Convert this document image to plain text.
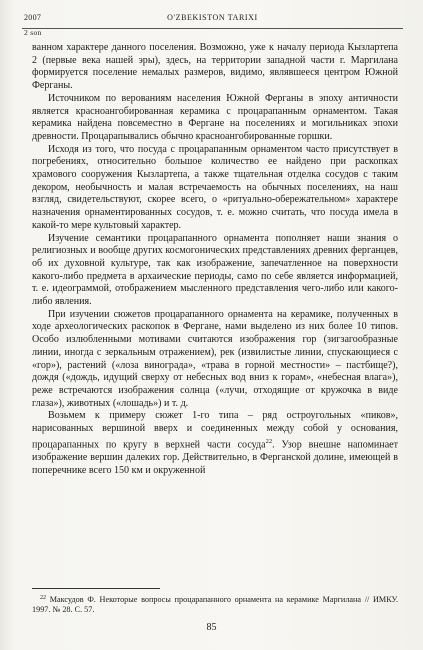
2007	O'ZBEKISTON TARIXI
2 son

ванном характере данного поселения. Возможно, уже к началу периода Кызлартепа 2 (первые века нашей эры), здесь, на территории западной части г. Маргилана формируется поселение немалых размеров, видимо, являвшееся центром Южной Ферганы.

Источником по верованиям населения Южной Ферганы в эпоху античности является красноангобированная керамика с процарапанным орнаментом. Такая керамика найдена повсеместно в Фергане на поселениях и могильниках эпохи древности. Процарапывались обычно красноангобированные горшки.

Исходя из того, что посуда с процарапанным орнаментом часто присутствует в погребениях, относительно большое количество ее найдено при раскопках храмового сооружения Кызлартепа, а также тщательная отделка сосудов с таким декором, необычность и малая встречаемость на обычных поселениях, на наш взгляд, свидетельствуют, скорее всего, о «ритуально-обережательном» характере назначения орнаментированных сосудов, т. е. можно считать, что посуда имела в какой-то мере культовый характер.

Изучение семантики процарапанного орнамента пополняет наши знания о религиозных и вообще других космогонических представлениях древних ферганцев, об их духовной культуре, так как изображение, запечатленное на поверхности какого-либо предмета в архаические периоды, само по себе является информацией, т. е. идеограммой, отображением мысленного представления чего-либо или какого-либо явления.

При изучении сюжетов процарапанного орнамента на керамике, полученных в ходе археологических раскопок в Фергане, нами выделено из них более 10 типов. Особо излюбленными мотивами считаются изображения гор (зигзагообразные линии, иногда с зеркальным отражением), рек (извилистые линии, спускающиеся с «гор»), растений («лоза винограда», «трава в горной местности» – пастбище?), дождя («дождь, идущий сверху от небесных вод вниз к горам», «небесная влага»), реже встречаются изображения солнца («лучи, отходящие от кружочка в виде глаза»), животных («лошадь») и т. д.

Возьмем к примеру сюжет 1-го типа – ряд остроугольных «пиков», нарисованных вершиной вверх и соединенных между собой у основания, процарапанных по кругу в верхней части сосуда$^{22}$. Узор внешне напоминает изображение вершин далеких гор. Действительно, в Ферганской долине, имеющей в поперечнике всего 150 км и окруженной

$^{22}$ Максудов Ф. Некоторые вопросы процарапанного орнамента на керамике Маргилана // ИМКУ. 1997. № 28. С. 57.
85
